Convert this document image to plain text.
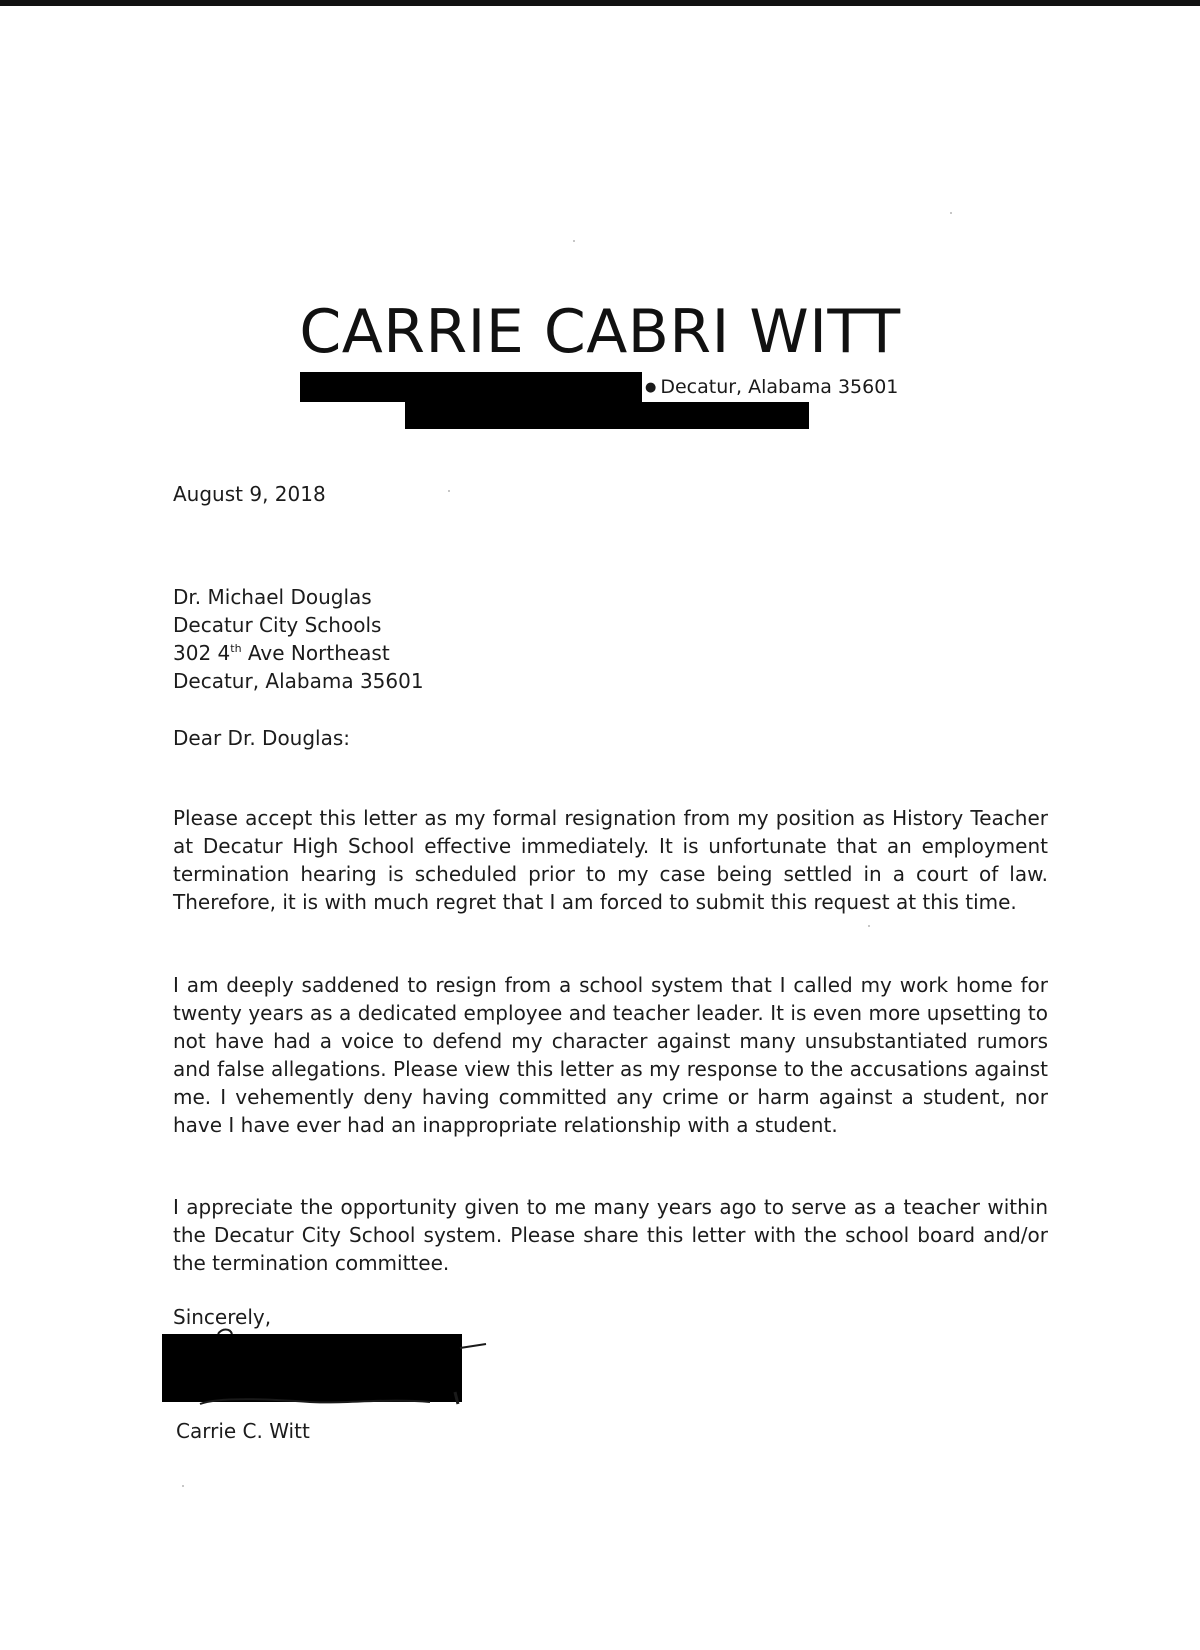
CARRIE CABRI WITT
● Decatur, Alabama 35601
August 9, 2018
Dr. Michael Douglas
Decatur City Schools
302 4th Ave Northeast
Decatur, Alabama 35601
Dear Dr. Douglas:
Please accept this letter as my formal resignation from my position as History Teacher at Decatur High School effective immediately. It is unfortunate that an employment termination hearing is scheduled prior to my case being settled in a court of law. Therefore, it is with much regret that I am forced to submit this request at this time.
I am deeply saddened to resign from a school system that I called my work home for twenty years as a dedicated employee and teacher leader. It is even more upsetting to not have had a voice to defend my character against many unsubstantiated rumors and false allegations. Please view this letter as my response to the accusations against me. I vehemently deny having committed any crime or harm against a student, nor have I have ever had an inappropriate relationship with a student.
I appreciate the opportunity given to me many years ago to serve as a teacher within the Decatur City School system. Please share this letter with the school board and/or the termination committee.
Sincerely,
Carrie C. Witt
